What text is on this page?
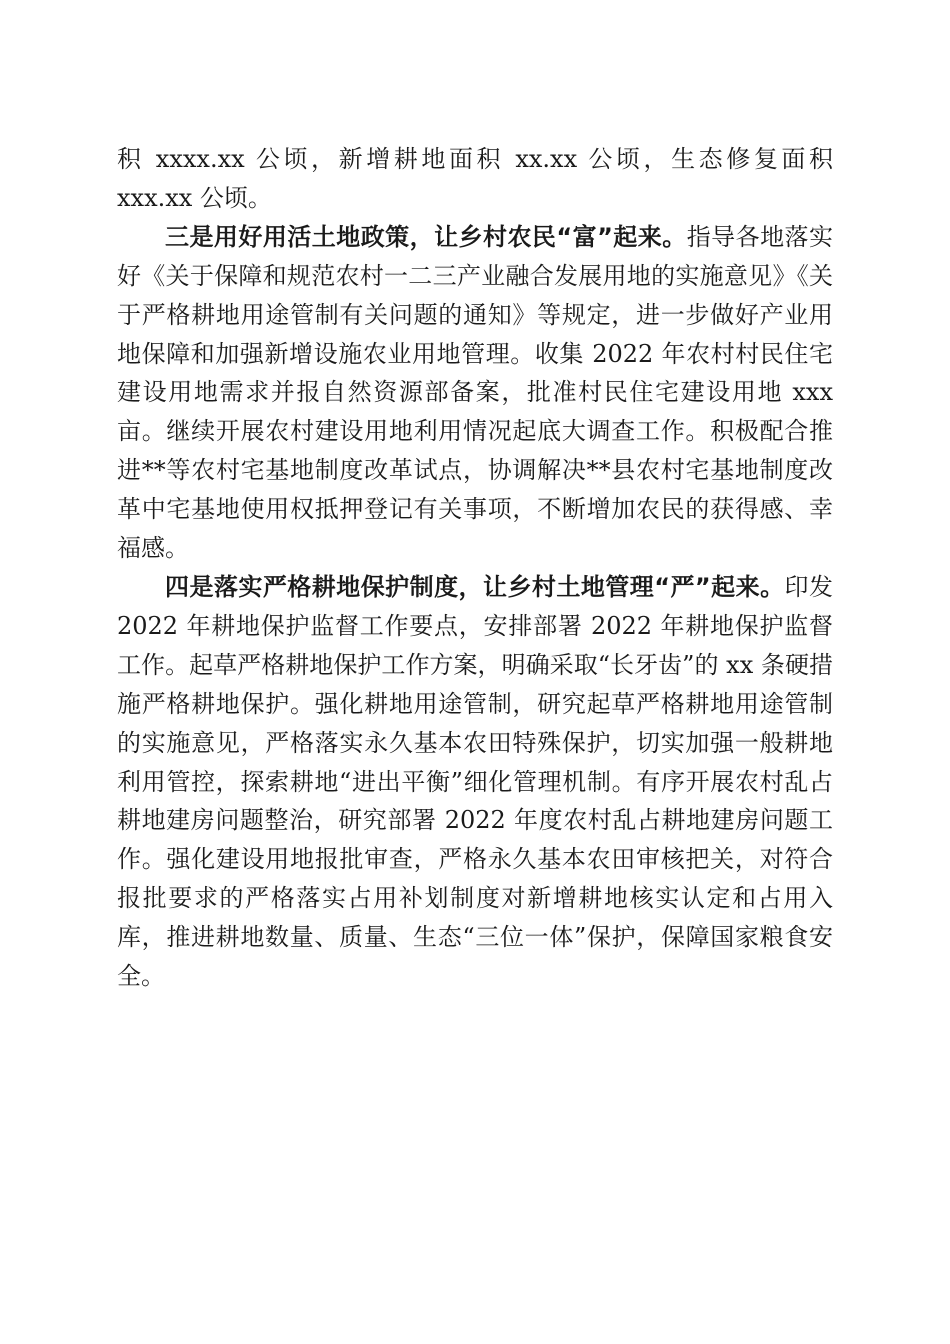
积 xxxx.xx 公顷，新增耕地面积 xx.xx 公顷，生态修复面积 xxx.xx 公顷。

三是用好用活土地政策，让乡村农民“富”起来。指导各地落实好《关于保障和规范农村一二三产业融合发展用地的实施意见》《关于严格耕地用途管制有关问题的通知》等规定，进一步做好产业用地保障和加强新增设施农业用地管理。收集 2022 年农村村民住宅建设用地需求并报自然资源部备案，批准村民住宅建设用地 xxx 亩。继续开展农村建设用地利用情况起底大调查工作。积极配合推进**等农村宅基地制度改革试点，协调解决**县农村宅基地制度改革中宅基地使用权抵押登记有关事项，不断增加农民的获得感、幸福感。

四是落实严格耕地保护制度，让乡村土地管理“严”起来。印发 2022 年耕地保护监督工作要点，安排部署 2022 年耕地保护监督工作。起草严格耕地保护工作方案，明确采取“长牙齿”的 xx 条硬措施严格耕地保护。强化耕地用途管制，研究起草严格耕地用途管制的实施意见，严格落实永久基本农田特殊保护，切实加强一般耕地利用管控，探索耕地“进出平衡”细化管理机制。有序开展农村乱占耕地建房问题整治，研究部署 2022 年度农村乱占耕地建房问题工作。强化建设用地报批审查，严格永久基本农田审核把关，对符合报批要求的严格落实占用补划制度对新增耕地核实认定和占用入库，推进耕地数量、质量、生态“三位一体”保护，保障国家粮食安全。
